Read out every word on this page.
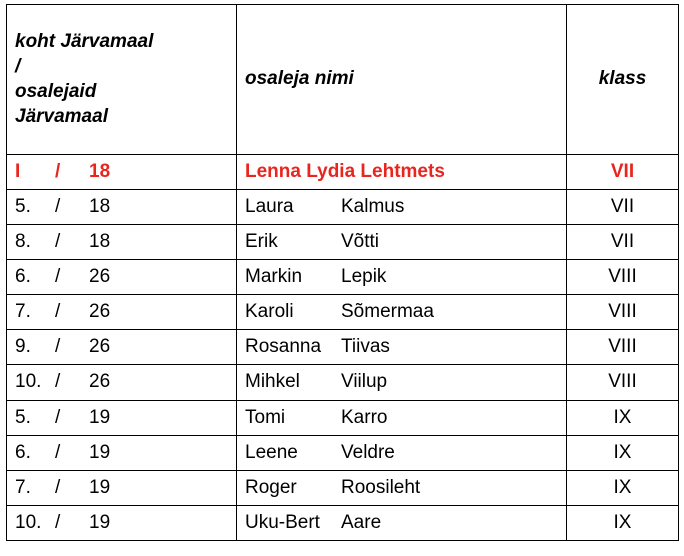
koht Järvamaal
/
osalejaid
Järvamaal	osaleja nimi	klass
I / 18	Lenna Lydia Lehtmets	VII
5. / 18	Laura Kalmus	VII
8. / 18	Erik Võtti	VII
6. / 26	Markin Lepik	VIII
7. / 26	Karoli Sõmermaa	VIII
9. / 26	Rosanna Tiivas	VIII
10. / 26	Mihkel Viilup	VIII
5. / 19	Tomi Karro	IX
6. / 19	Leene Veldre	IX
7. / 19	Roger Roosileht	IX
10. / 19	Uku-Bert Aare	IX
